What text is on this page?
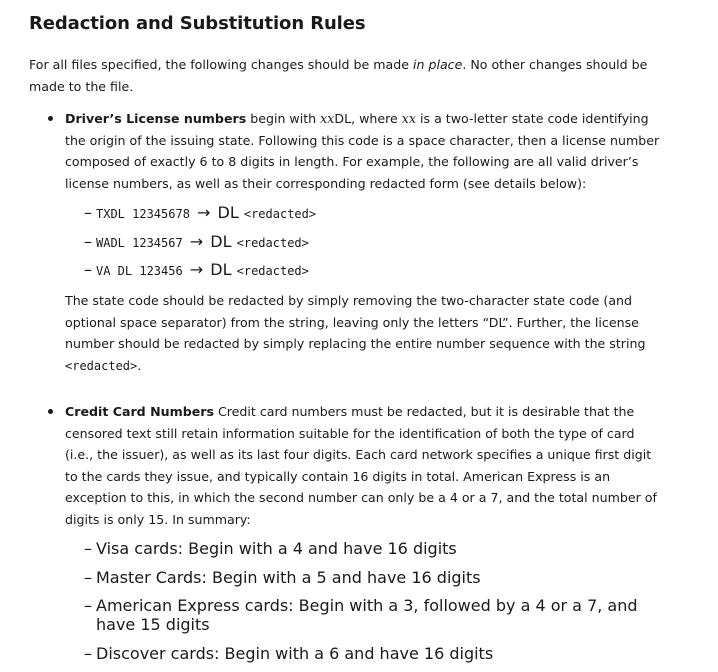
Redaction and Substitution Rules

For all files specified, the following changes should be made in place. No other changes should be made to the file.

Driver’s License numbers begin with xxDL, where xx is a two-letter state code identifying the origin of the issuing state. Following this code is a space character, then a license number composed of exactly 6 to 8 digits in length. For example, the following are all valid driver’s license numbers, as well as their corresponding redacted form (see details below):

– TXDL 12345678 → DL <redacted>
– WADL 1234567 → DL <redacted>
– VA DL 123456 → DL <redacted>

The state code should be redacted by simply removing the two-character state code (and optional space separator) from the string, leaving only the letters “DL”. Further, the license number should be redacted by simply replacing the entire number sequence with the string <redacted>.

Credit Card Numbers Credit card numbers must be redacted, but it is desirable that the censored text still retain information suitable for the identification of both the type of card (i.e., the issuer), as well as its last four digits. Each card network specifies a unique first digit to the cards they issue, and typically contain 16 digits in total. American Express is an exception to this, in which the second number can only be a 4 or a 7, and the total number of digits is only 15. In summary:

– Visa cards: Begin with a 4 and have 16 digits
– Master Cards: Begin with a 5 and have 16 digits
– American Express cards: Begin with a 3, followed by a 4 or a 7, and have 15 digits
– Discover cards: Begin with a 6 and have 16 digits
